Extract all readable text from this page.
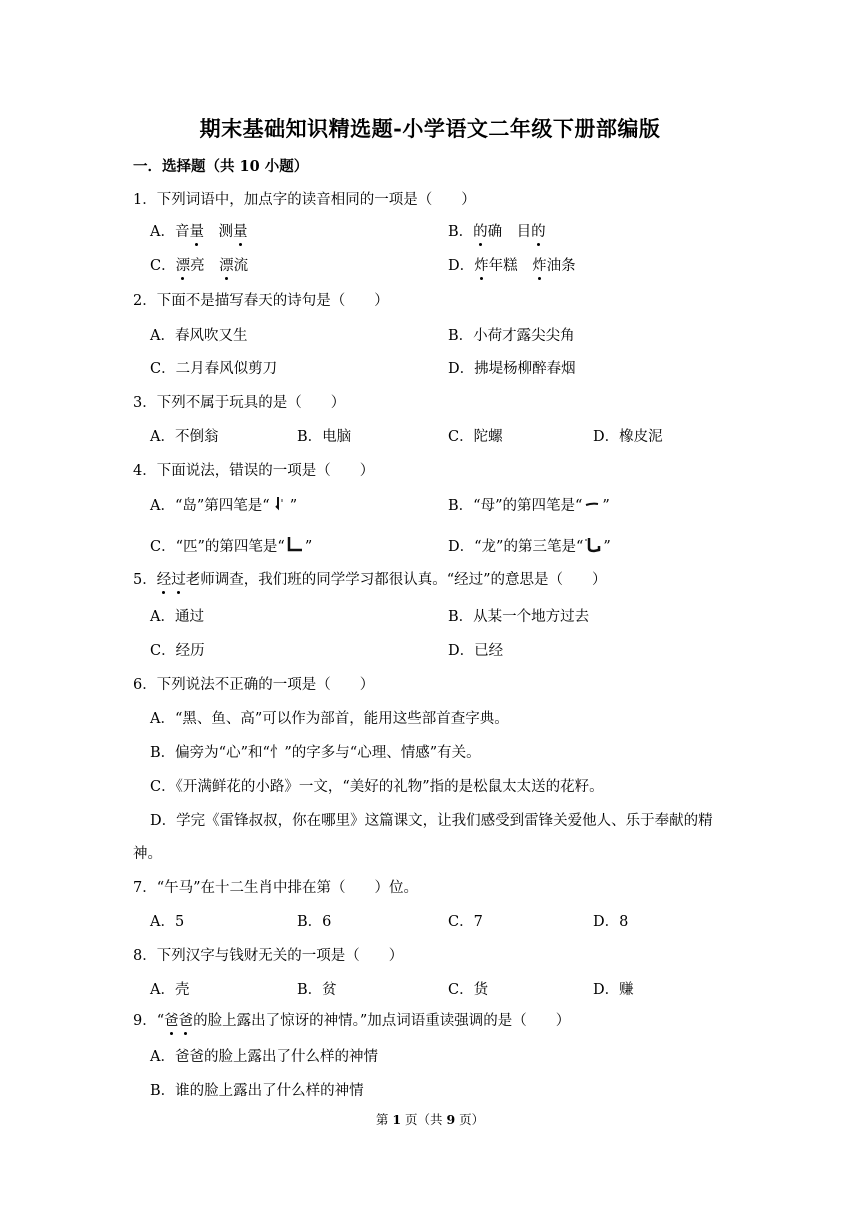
期末基础知识精选题-小学语文二年级下册部编版
一．选择题（共 10 小题）
1．下列词语中，加点字的读音相同的一项是（　　）
A．音量　测量	B．的确　目的
C．漂亮　漂流	D．炸年糕　炸油条
2．下面不是描写春天的诗句是（　　）
A．春风吹又生	B．小荷才露尖尖角
C．二月春风似剪刀	D．拂堤杨柳醉春烟
3．下列不属于玩具的是（　　）
A．不倒翁	B．电脑	C．陀螺	D．橡皮泥
4．下面说法，错误的一项是（　　）
A．“岛”第四笔是“ ”	B．“母”的第四笔是“ ”
C．“匹”的第四笔是“ ”	D．“龙”的第三笔是“ ”
5．经过老师调查，我们班的同学学习都很认真。“经过”的意思是（　　）
A．通过	B．从某一个地方过去
C．经历	D．已经
6．下列说法不正确的一项是（　　）
A．“黑、鱼、高”可以作为部首，能用这些部首查字典。
B．偏旁为“心”和“忄”的字多与“心理、情感”有关。
C．《开满鲜花的小路》一文，“美好的礼物”指的是松鼠太太送的花籽。
D．学完《雷锋叔叔，你在哪里》这篇课文，让我们感受到雷锋关爱他人、乐于奉献的精
神。
7．“午马”在十二生肖中排在第（　　）位。
A．5	B．6	C．7	D．8
8．下列汉字与钱财无关的一项是（　　）
A．壳	B．贫	C．货	D．赚
9．“爸爸的脸上露出了惊讶的神情。”加点词语重读强调的是（　　）
A．爸爸的脸上露出了什么样的神情
B．谁的脸上露出了什么样的神情
第 1 页（共 9 页）
